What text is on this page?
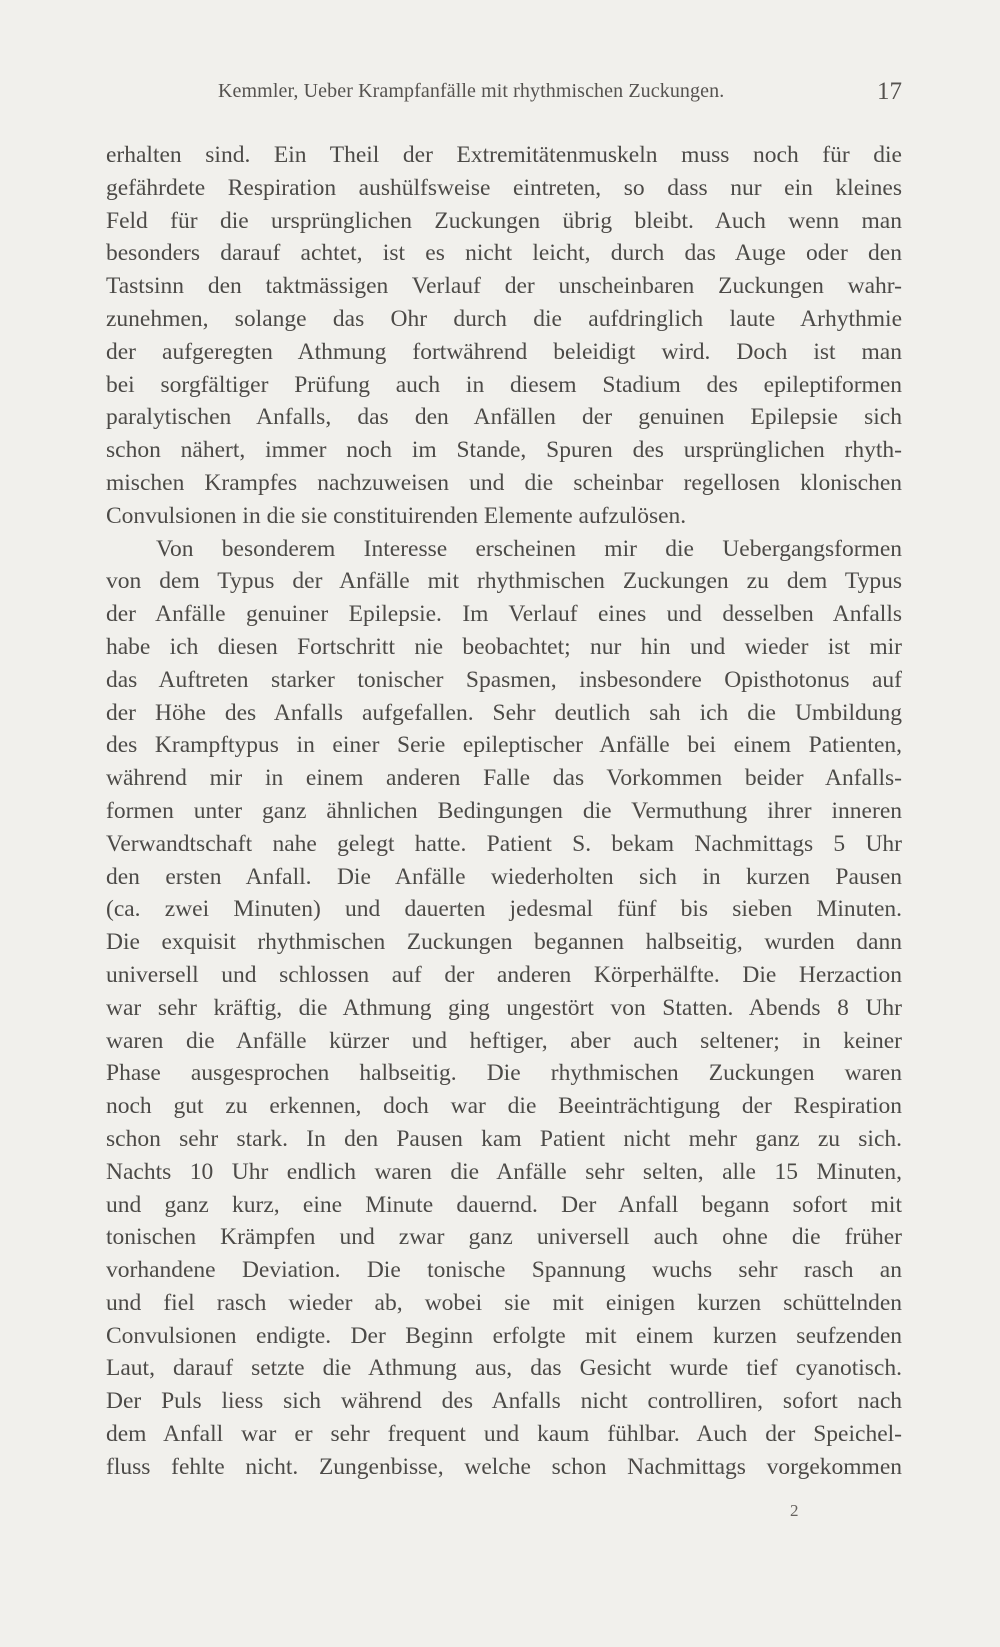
Kemmler, Ueber Krampfanfälle mit rhythmischen Zuckungen.	17
erhalten sind. Ein Theil der Extremitätenmuskeln muss noch für die
gefährdete Respiration aushülfsweise eintreten, so dass nur ein kleines
Feld für die ursprünglichen Zuckungen übrig bleibt. Auch wenn man
besonders darauf achtet, ist es nicht leicht, durch das Auge oder den
Tastsinn den taktmässigen Verlauf der unscheinbaren Zuckungen wahr-
zunehmen, solange das Ohr durch die aufdringlich laute Arhythmie
der aufgeregten Athmung fortwährend beleidigt wird. Doch ist man
bei sorgfältiger Prüfung auch in diesem Stadium des epileptiformen
paralytischen Anfalls, das den Anfällen der genuinen Epilepsie sich
schon nähert, immer noch im Stande, Spuren des ursprünglichen rhyth-
mischen Krampfes nachzuweisen und die scheinbar regellosen klonischen
Convulsionen in die sie constituirenden Elemente aufzulösen.
Von besonderem Interesse erscheinen mir die Uebergangsformen
von dem Typus der Anfälle mit rhythmischen Zuckungen zu dem Typus
der Anfälle genuiner Epilepsie. Im Verlauf eines und desselben Anfalls
habe ich diesen Fortschritt nie beobachtet; nur hin und wieder ist mir
das Auftreten starker tonischer Spasmen, insbesondere Opisthotonus auf
der Höhe des Anfalls aufgefallen. Sehr deutlich sah ich die Umbildung
des Krampftypus in einer Serie epileptischer Anfälle bei einem Patienten,
während mir in einem anderen Falle das Vorkommen beider Anfalls-
formen unter ganz ähnlichen Bedingungen die Vermuthung ihrer inneren
Verwandtschaft nahe gelegt hatte. Patient S. bekam Nachmittags 5 Uhr
den ersten Anfall. Die Anfälle wiederholten sich in kurzen Pausen
(ca. zwei Minuten) und dauerten jedesmal fünf bis sieben Minuten.
Die exquisit rhythmischen Zuckungen begannen halbseitig, wurden dann
universell und schlossen auf der anderen Körperhälfte. Die Herzaction
war sehr kräftig, die Athmung ging ungestört von Statten. Abends 8 Uhr
waren die Anfälle kürzer und heftiger, aber auch seltener; in keiner
Phase ausgesprochen halbseitig. Die rhythmischen Zuckungen waren
noch gut zu erkennen, doch war die Beeinträchtigung der Respiration
schon sehr stark. In den Pausen kam Patient nicht mehr ganz zu sich.
Nachts 10 Uhr endlich waren die Anfälle sehr selten, alle 15 Minuten,
und ganz kurz, eine Minute dauernd. Der Anfall begann sofort mit
tonischen Krämpfen und zwar ganz universell auch ohne die früher
vorhandene Deviation. Die tonische Spannung wuchs sehr rasch an
und fiel rasch wieder ab, wobei sie mit einigen kurzen schüttelnden
Convulsionen endigte. Der Beginn erfolgte mit einem kurzen seufzenden
Laut, darauf setzte die Athmung aus, das Gesicht wurde tief cyanotisch.
Der Puls liess sich während des Anfalls nicht controlliren, sofort nach
dem Anfall war er sehr frequent und kaum fühlbar. Auch der Speichel-
fluss fehlte nicht. Zungenbisse, welche schon Nachmittags vorgekommen
2
